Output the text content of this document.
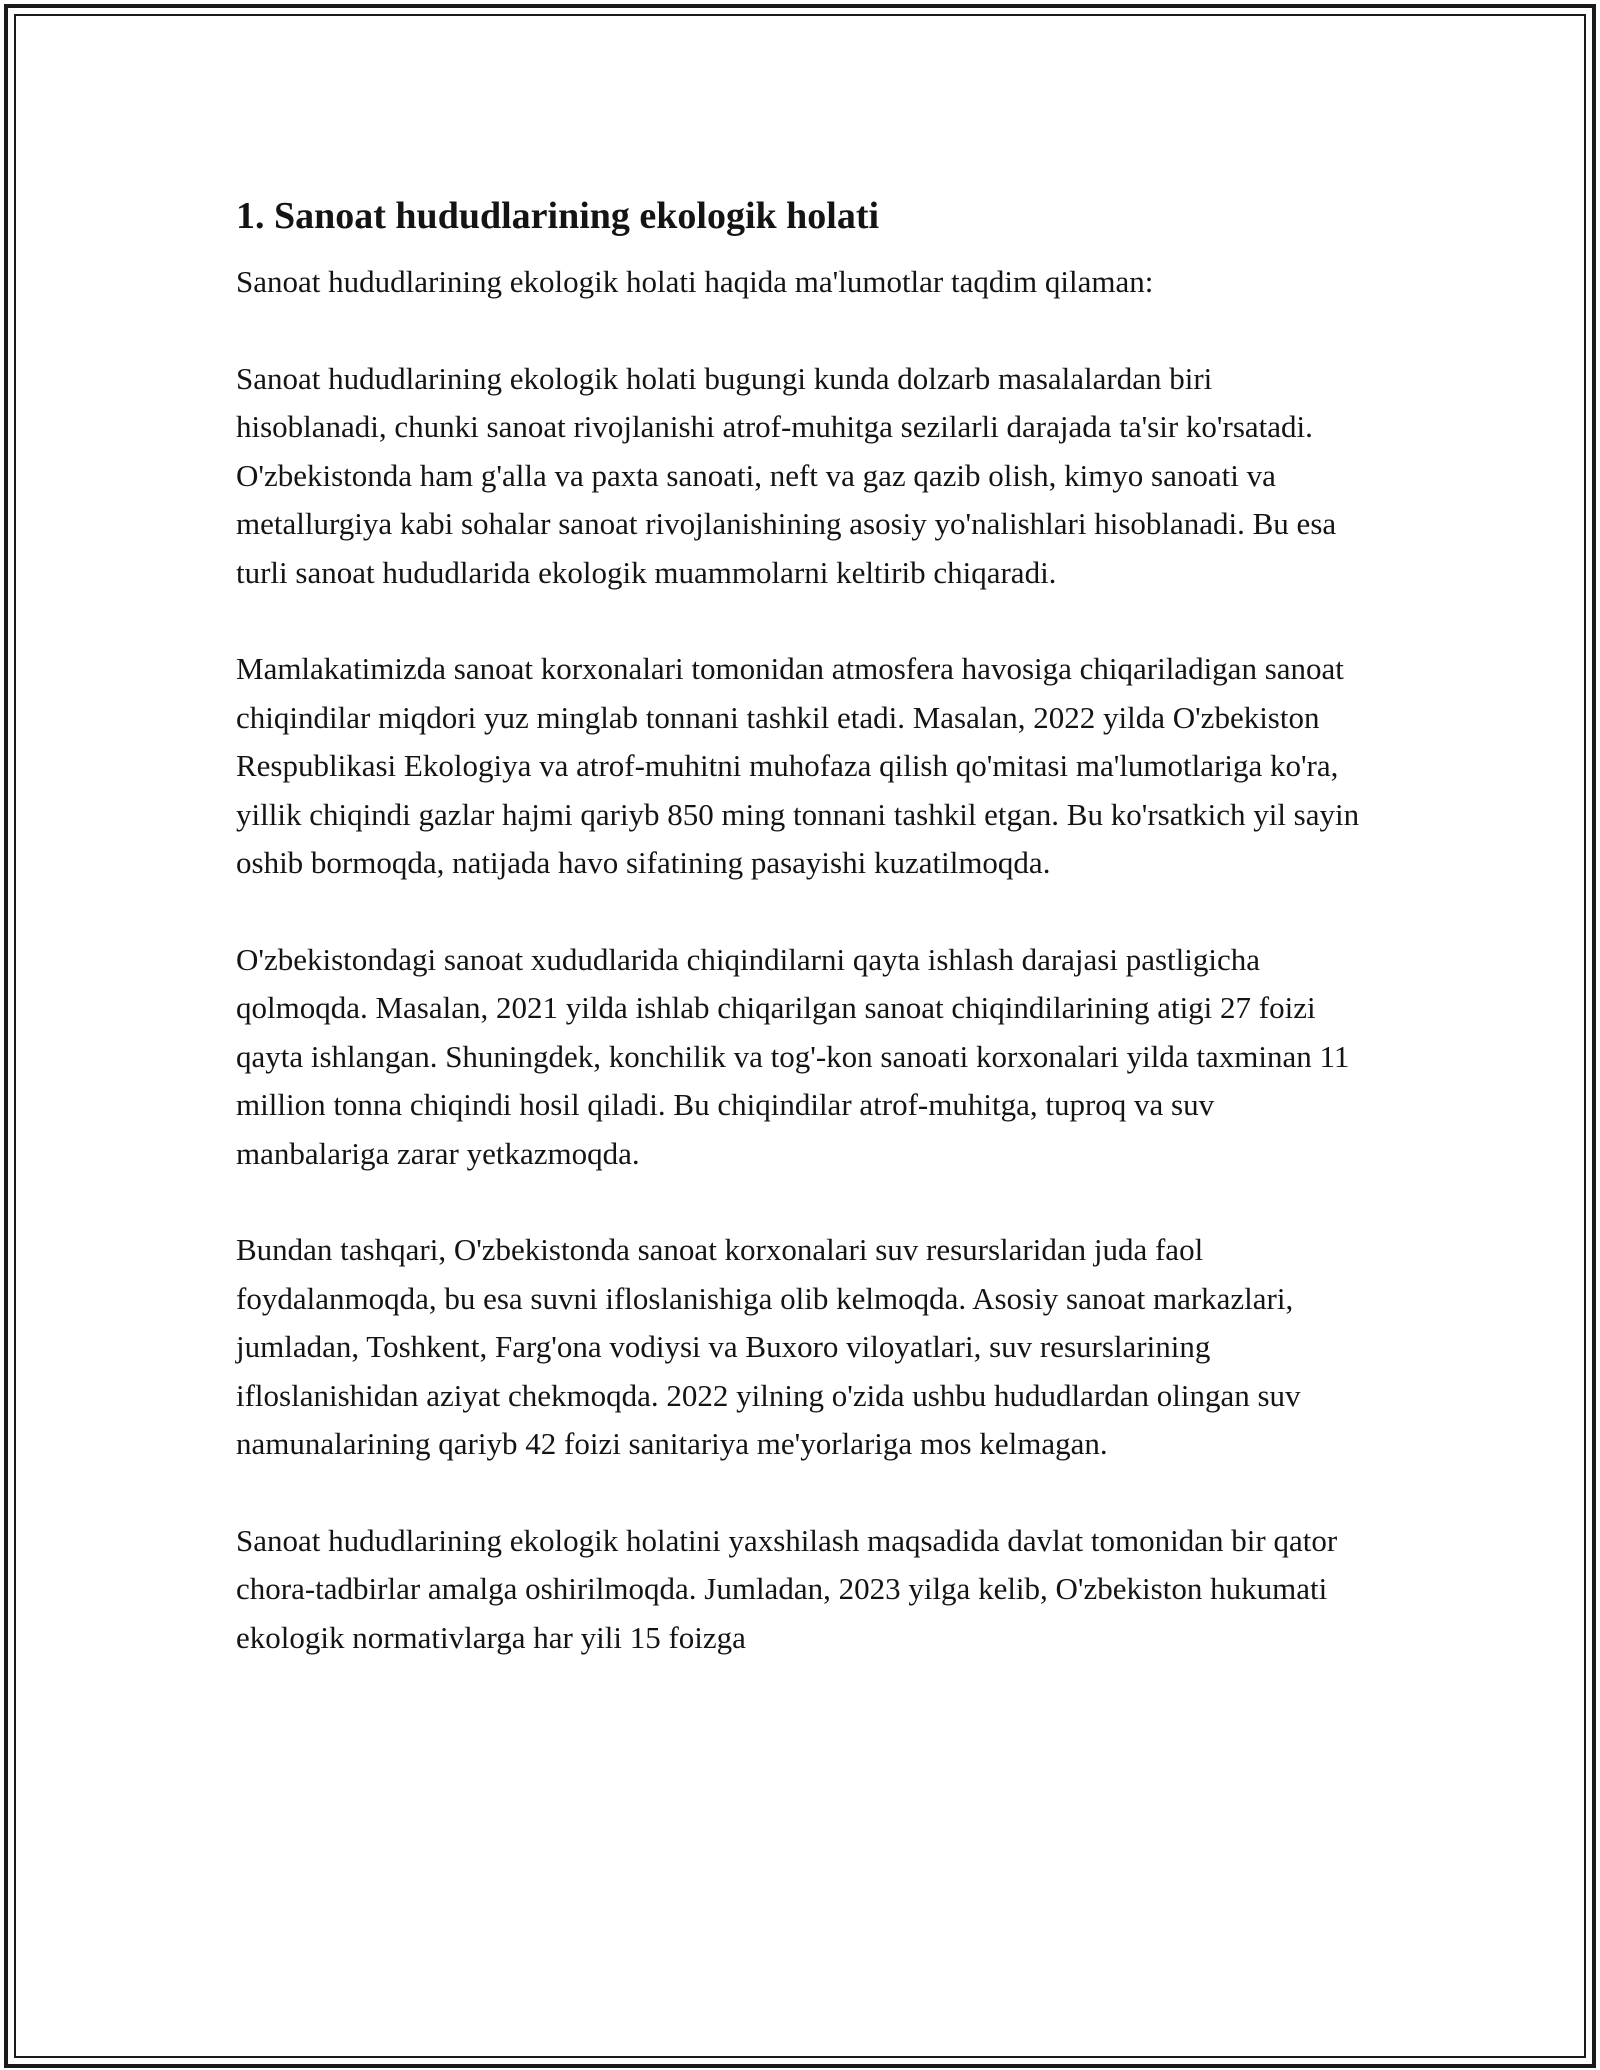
1. Sanoat hududlarining ekologik holati

Sanoat hududlarining ekologik holati haqida ma'lumotlar taqdim qilaman:

Sanoat hududlarining ekologik holati bugungi kunda dolzarb masalalardan biri hisoblanadi, chunki sanoat rivojlanishi atrof-muhitga sezilarli darajada ta'sir ko'rsatadi. O'zbekistonda ham g'alla va paxta sanoati, neft va gaz qazib olish, kimyo sanoati va metallurgiya kabi sohalar sanoat rivojlanishining asosiy yo'nalishlari hisoblanadi. Bu esa turli sanoat hududlarida ekologik muammolarni keltirib chiqaradi.

Mamlakatimizda sanoat korxonalari tomonidan atmosfera havosiga chiqariladigan sanoat chiqindilar miqdori yuz minglab tonnani tashkil etadi. Masalan, 2022 yilda O'zbekiston Respublikasi Ekologiya va atrof-muhitni muhofaza qilish qo'mitasi ma'lumotlariga ko'ra, yillik chiqindi gazlar hajmi qariyb 850 ming tonnani tashkil etgan. Bu ko'rsatkich yil sayin oshib bormoqda, natijada havo sifatining pasayishi kuzatilmoqda.

O'zbekistondagi sanoat xududlarida chiqindilarni qayta ishlash darajasi pastligicha qolmoqda. Masalan, 2021 yilda ishlab chiqarilgan sanoat chiqindilarining atigi 27 foizi qayta ishlangan. Shuningdek, konchilik va tog'-kon sanoati korxonalari yilda taxminan 11 million tonna chiqindi hosil qiladi. Bu chiqindilar atrof-muhitga, tuproq va suv manbalariga zarar yetkazmoqda.

Bundan tashqari, O'zbekistonda sanoat korxonalari suv resurslaridan juda faol foydalanmoqda, bu esa suvni ifloslanishiga olib kelmoqda. Asosiy sanoat markazlari, jumladan, Toshkent, Farg'ona vodiysi va Buxoro viloyatlari, suv resurslarining ifloslanishidan aziyat chekmoqda. 2022 yilning o'zida ushbu hududlardan olingan suv namunalarining qariyb 42 foizi sanitariya me'yorlariga mos kelmagan.

Sanoat hududlarining ekologik holatini yaxshilash maqsadida davlat tomonidan bir qator chora-tadbirlar amalga oshirilmoqda. Jumladan, 2023 yilga kelib, O'zbekiston hukumati ekologik normativlarga har yili 15 foizga
